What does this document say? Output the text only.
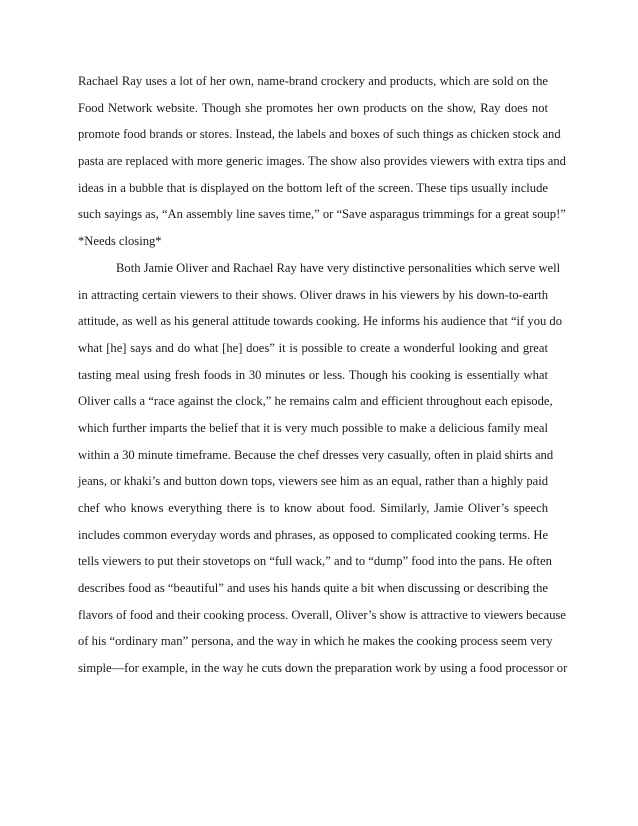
Rachael Ray uses a lot of her own, name-brand crockery and products, which are sold on the
Food Network website. Though she promotes her own products on the show, Ray does not
promote food brands or stores. Instead, the labels and boxes of such things as chicken stock and
pasta are replaced with more generic images. The show also provides viewers with extra tips and
ideas in a bubble that is displayed on the bottom left of the screen. These tips usually include
such sayings as, “An assembly line saves time,” or “Save asparagus trimmings for a great soup!”
*Needs closing*
Both Jamie Oliver and Rachael Ray have very distinctive personalities which serve well
in attracting certain viewers to their shows. Oliver draws in his viewers by his down-to-earth
attitude, as well as his general attitude towards cooking. He informs his audience that “if you do
what [he] says and do what [he] does” it is possible to create a wonderful looking and great
tasting meal using fresh foods in 30 minutes or less. Though his cooking is essentially what
Oliver calls a “race against the clock,” he remains calm and efficient throughout each episode,
which further imparts the belief that it is very much possible to make a delicious family meal
within a 30 minute timeframe. Because the chef dresses very casually, often in plaid shirts and
jeans, or khaki’s and button down tops, viewers see him as an equal, rather than a highly paid
chef who knows everything there is to know about food. Similarly, Jamie Oliver’s speech
includes common everyday words and phrases, as opposed to complicated cooking terms. He
tells viewers to put their stovetops on “full wack,” and to “dump” food into the pans. He often
describes food as “beautiful” and uses his hands quite a bit when discussing or describing the
flavors of food and their cooking process. Overall, Oliver’s show is attractive to viewers because
of his “ordinary man” persona, and the way in which he makes the cooking process seem very
simple—for example, in the way he cuts down the preparation work by using a food processor or
